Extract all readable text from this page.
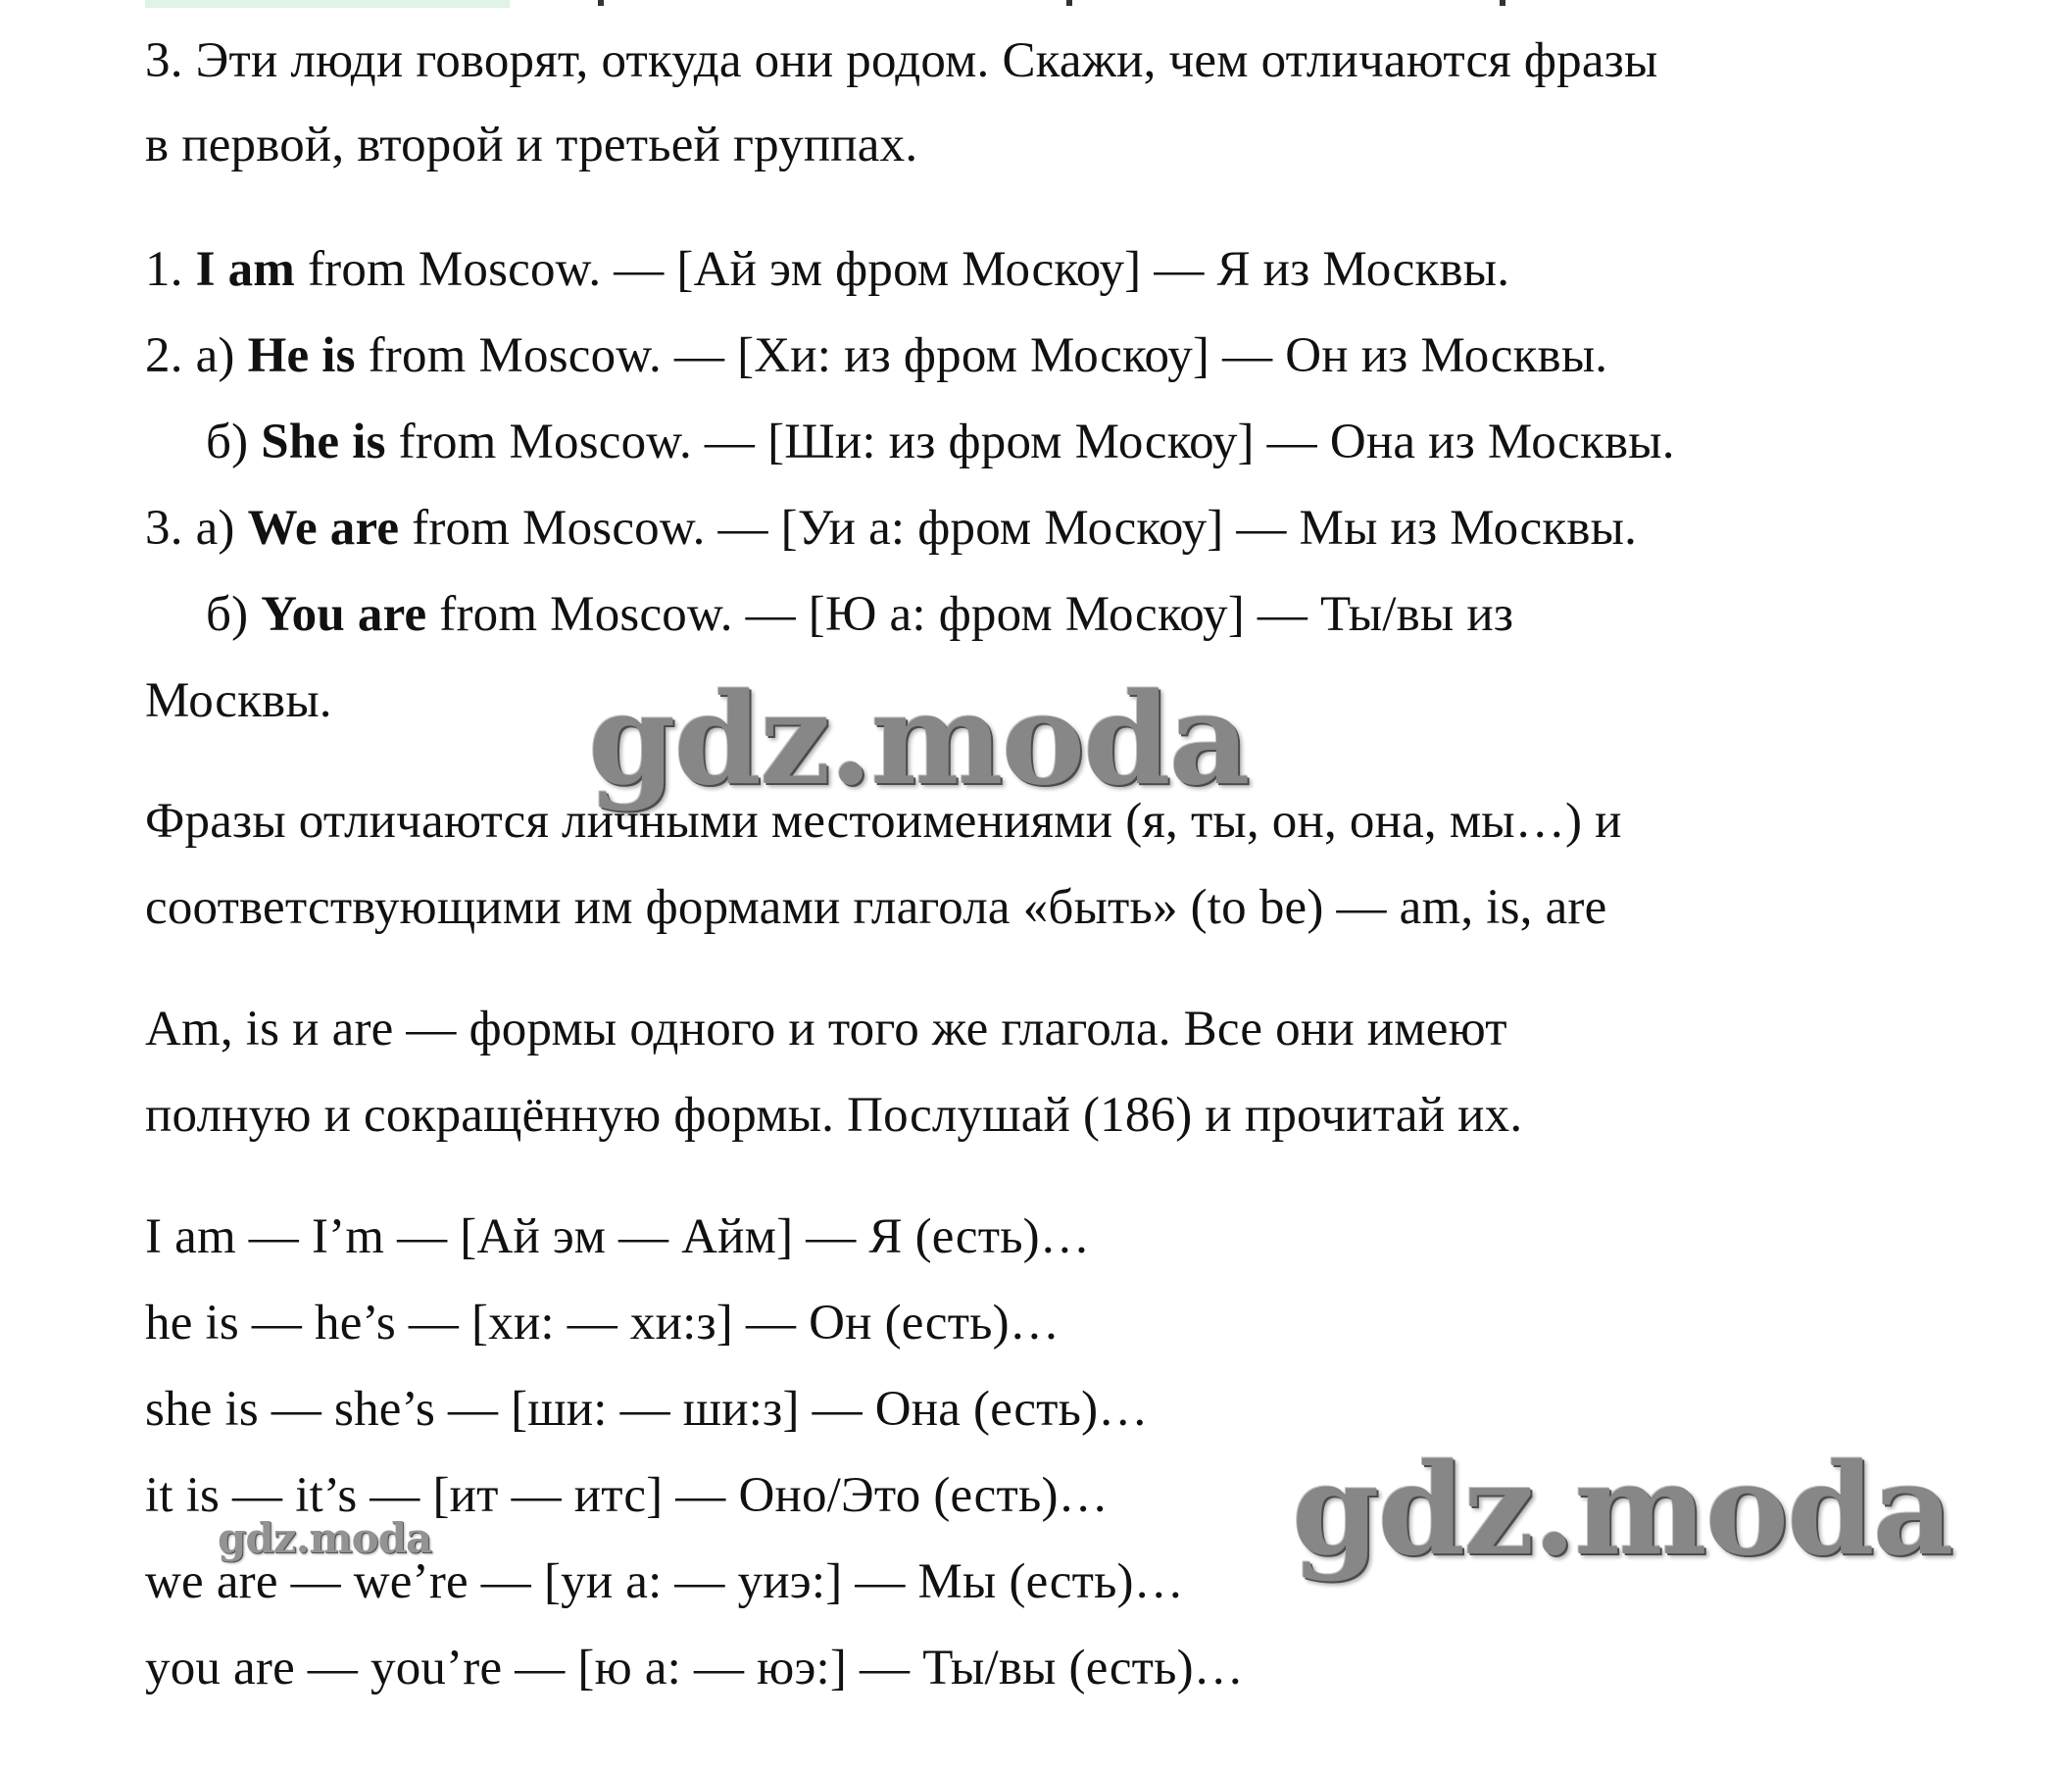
3. Эти люди говорят, откуда они родом. Скажи, чем отличаются фразы
в первой, второй и третьей группах.
1. I am from Moscow. — [Ай эм фром Москоу] — Я из Москвы.
2. а) He is from Moscow. — [Хи: из фром Москоу] — Он из Москвы.
б) She is from Moscow. — [Ши: из фром Москоу] — Она из Москвы.
3. а) We are from Moscow. — [Уи а: фром Москоу] — Мы из Москвы.
б) You are from Moscow. — [Ю а: фром Москоу] — Ты/вы из
Москвы.
Фразы отличаются личными местоимениями (я, ты, он, она, мы…) и
соответствующими им формами глагола «быть» (to be) — am, is, are
Am, is и are — формы одного и того же глагола. Все они имеют
полную и сокращённую формы. Послушай (186) и прочитай их.
I am — I’m — [Ай эм — Айм] — Я (есть)…
he is — he’s — [хи: — хи:з] — Он (есть)…
she is — she’s — [ши: — ши:з] — Она (есть)…
it is — it’s — [ит — итс] — Оно/Это (есть)…
we are — we’re — [уи а: — уиэ:] — Мы (есть)…
you are — you’re — [ю а: — юэ:] — Ты/вы (есть)…
gdz.moda
gdz.moda
gdz.moda
